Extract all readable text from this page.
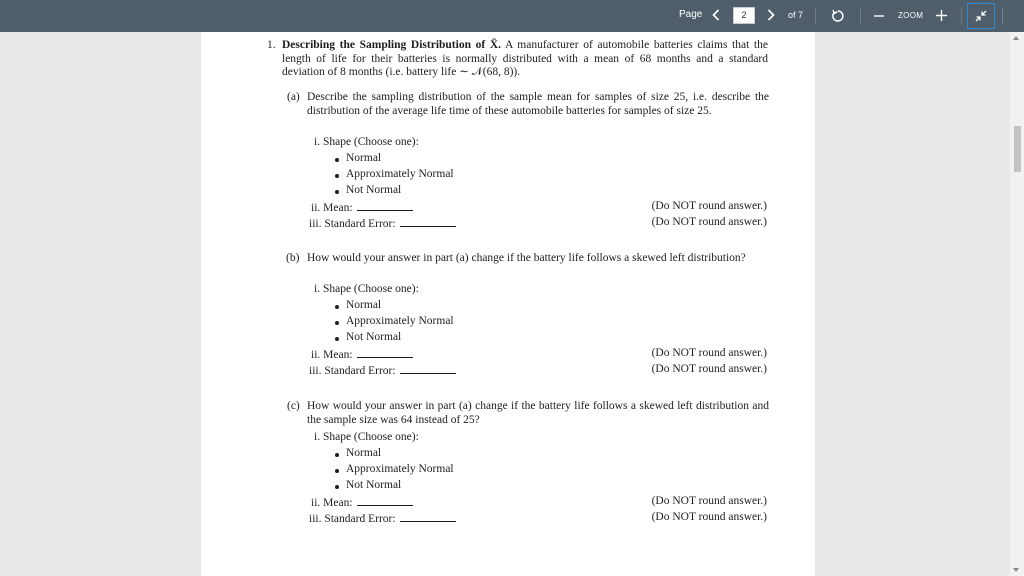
Page	2	of 7	ZOOM
1. Describing the Sampling Distribution of X̄. A manufacturer of automobile batteries claims that the length of life for their batteries is normally distributed with a mean of 68 months and a standard deviation of 8 months (i.e. battery life ∼ 𝒩(68, 8)).
(a) Describe the sampling distribution of the sample mean for samples of size 25, i.e. describe the distribution of the average life time of these automobile batteries for samples of size 25.
i. Shape (Choose one):
Normal
Approximately Normal
Not Normal
ii. Mean:	(Do NOT round answer.)
iii. Standard Error:	(Do NOT round answer.)
(b) How would your answer in part (a) change if the battery life follows a skewed left distribution?
i. Shape (Choose one):
Normal
Approximately Normal
Not Normal
ii. Mean:	(Do NOT round answer.)
iii. Standard Error:	(Do NOT round answer.)
(c) How would your answer in part (a) change if the battery life follows a skewed left distribution and the sample size was 64 instead of 25?
i. Shape (Choose one):
Normal
Approximately Normal
Not Normal
ii. Mean:	(Do NOT round answer.)
iii. Standard Error:	(Do NOT round answer.)
